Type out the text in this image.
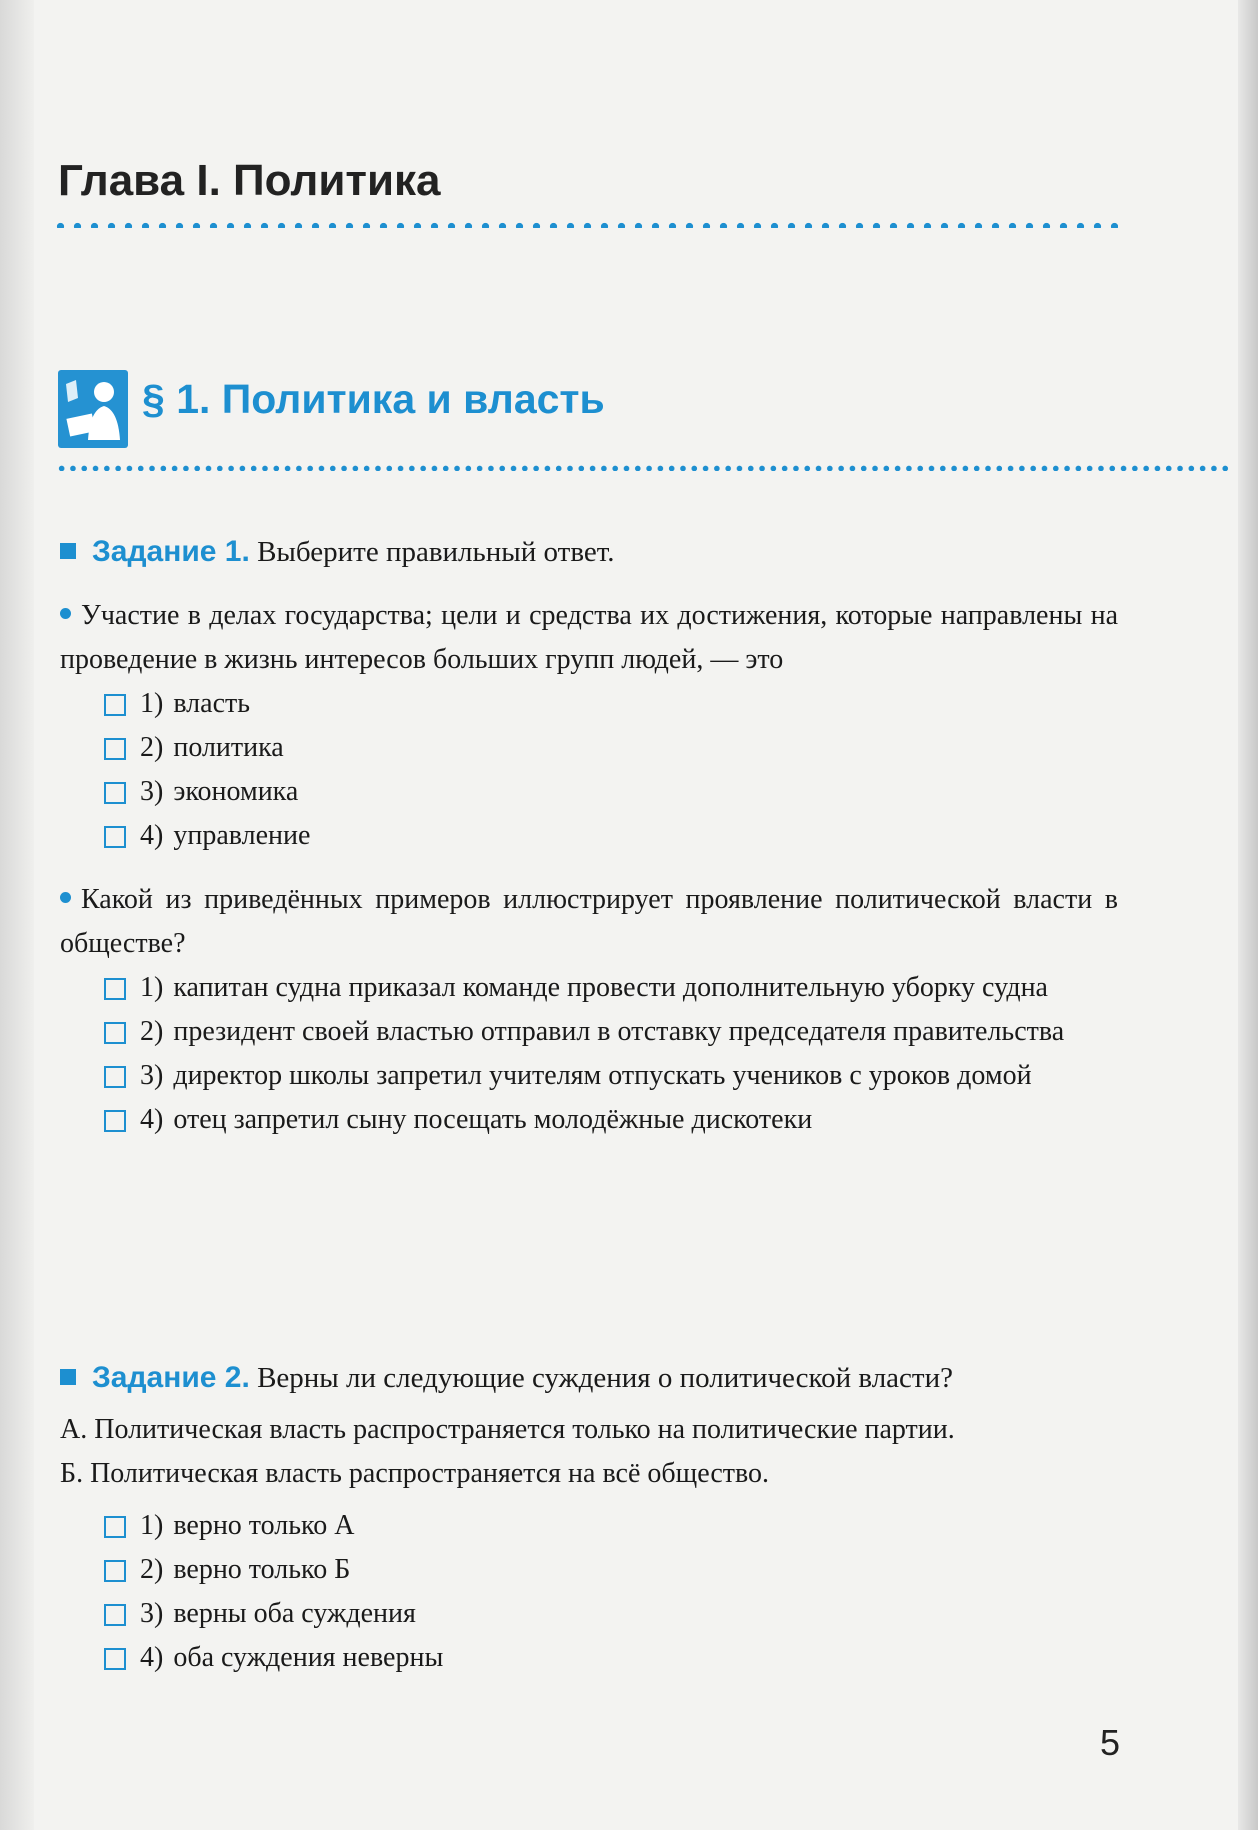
Глава I. Политика
§ 1. Политика и власть
Задание 1. Выберите правильный ответ.
Участие в делах государства; цели и средства их достижения, которые направлены на проведение в жизнь интересов больших групп людей, — это
1) власть
2) политика
3) экономика
4) управление
Какой из приведённых примеров иллюстрирует проявление политической власти в обществе?
1) капитан судна приказал команде провести дополнительную уборку судна
2) президент своей властью отправил в отставку председателя правительства
3) директор школы запретил учителям отпускать учеников с уроков домой
4) отец запретил сыну посещать молодёжные дискотеки
Задание 2. Верны ли следующие суждения о политической власти?

А. Политическая власть распространяется только на политические партии.

Б. Политическая власть распространяется на всё общество.

1) верно только А
2) верно только Б
3) верны оба суждения
4) оба суждения неверны
5
